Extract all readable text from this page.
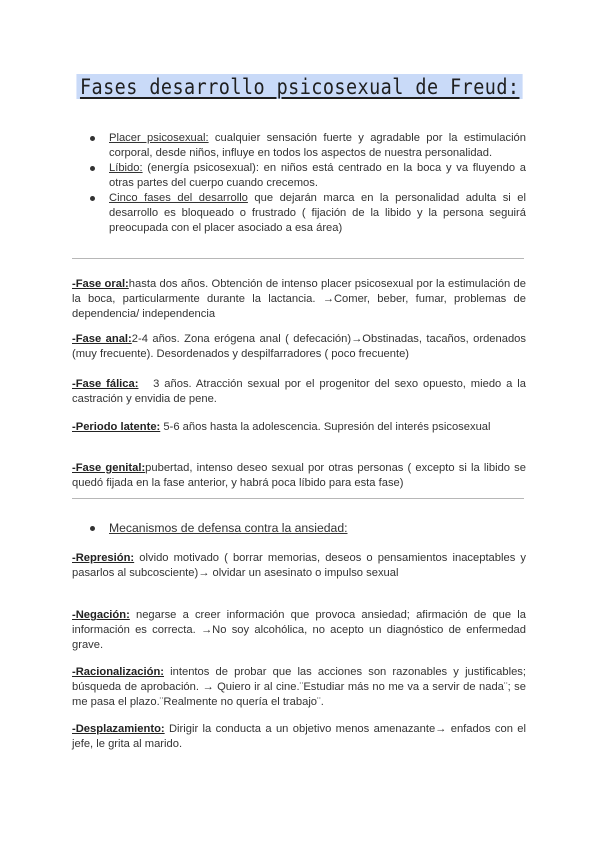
Fases desarrollo psicosexual de Freud:
Placer psicosexual: cualquier sensación fuerte y agradable por la estimulación corporal, desde niños, influye en todos los aspectos de nuestra personalidad.
Líbido: (energía psicosexual): en niños está centrado en la boca y va fluyendo a otras partes del cuerpo cuando crecemos.
Cinco fases del desarrollo que dejarán marca en la personalidad adulta si el desarrollo es bloqueado o frustrado ( fijación de la libido y la persona seguirá preocupada con el placer asociado a esa área)

-Fase oral:hasta dos años. Obtención de intenso placer psicosexual por la estimulación de la boca, particularmente durante la lactancia. →Comer, beber, fumar, problemas de dependencia/ independencia

-Fase anal:2-4 años. Zona erógena anal ( defecación)→Obstinadas, tacaños, ordenados (muy frecuente). Desordenados y despilfarradores ( poco frecuente)

-Fase fálica:   3 años. Atracción sexual por el progenitor del sexo opuesto, miedo a la castración y envidia de pene.

-Periodo latente: 5-6 años hasta la adolescencia. Supresión del interés psicosexual

-Fase genital:pubertad, intenso deseo sexual por otras personas ( excepto si la libido se quedó fijada en la fase anterior, y habrá poca líbido para esta fase)

Mecanismos de defensa contra la ansiedad:

-Represión: olvido motivado ( borrar memorias, deseos o pensamientos inaceptables y pasarlos al subcosciente)→ olvidar un asesinato o impulso sexual

-Negación: negarse a creer información que provoca ansiedad; afirmación de que la información es correcta. →No soy alcohólica, no acepto un diagnóstico de enfermedad grave.

-Racionalización: intentos de probar que las acciones son razonables y justificables; búsqueda de aprobación. → Quiero ir al cine.¨Estudiar más no me va a servir de nada¨; se me pasa el plazo.¨Realmente no quería el trabajo¨.

-Desplazamiento: Dirigir la conducta a un objetivo menos amenazante→ enfados con el jefe, le grita al marido.
